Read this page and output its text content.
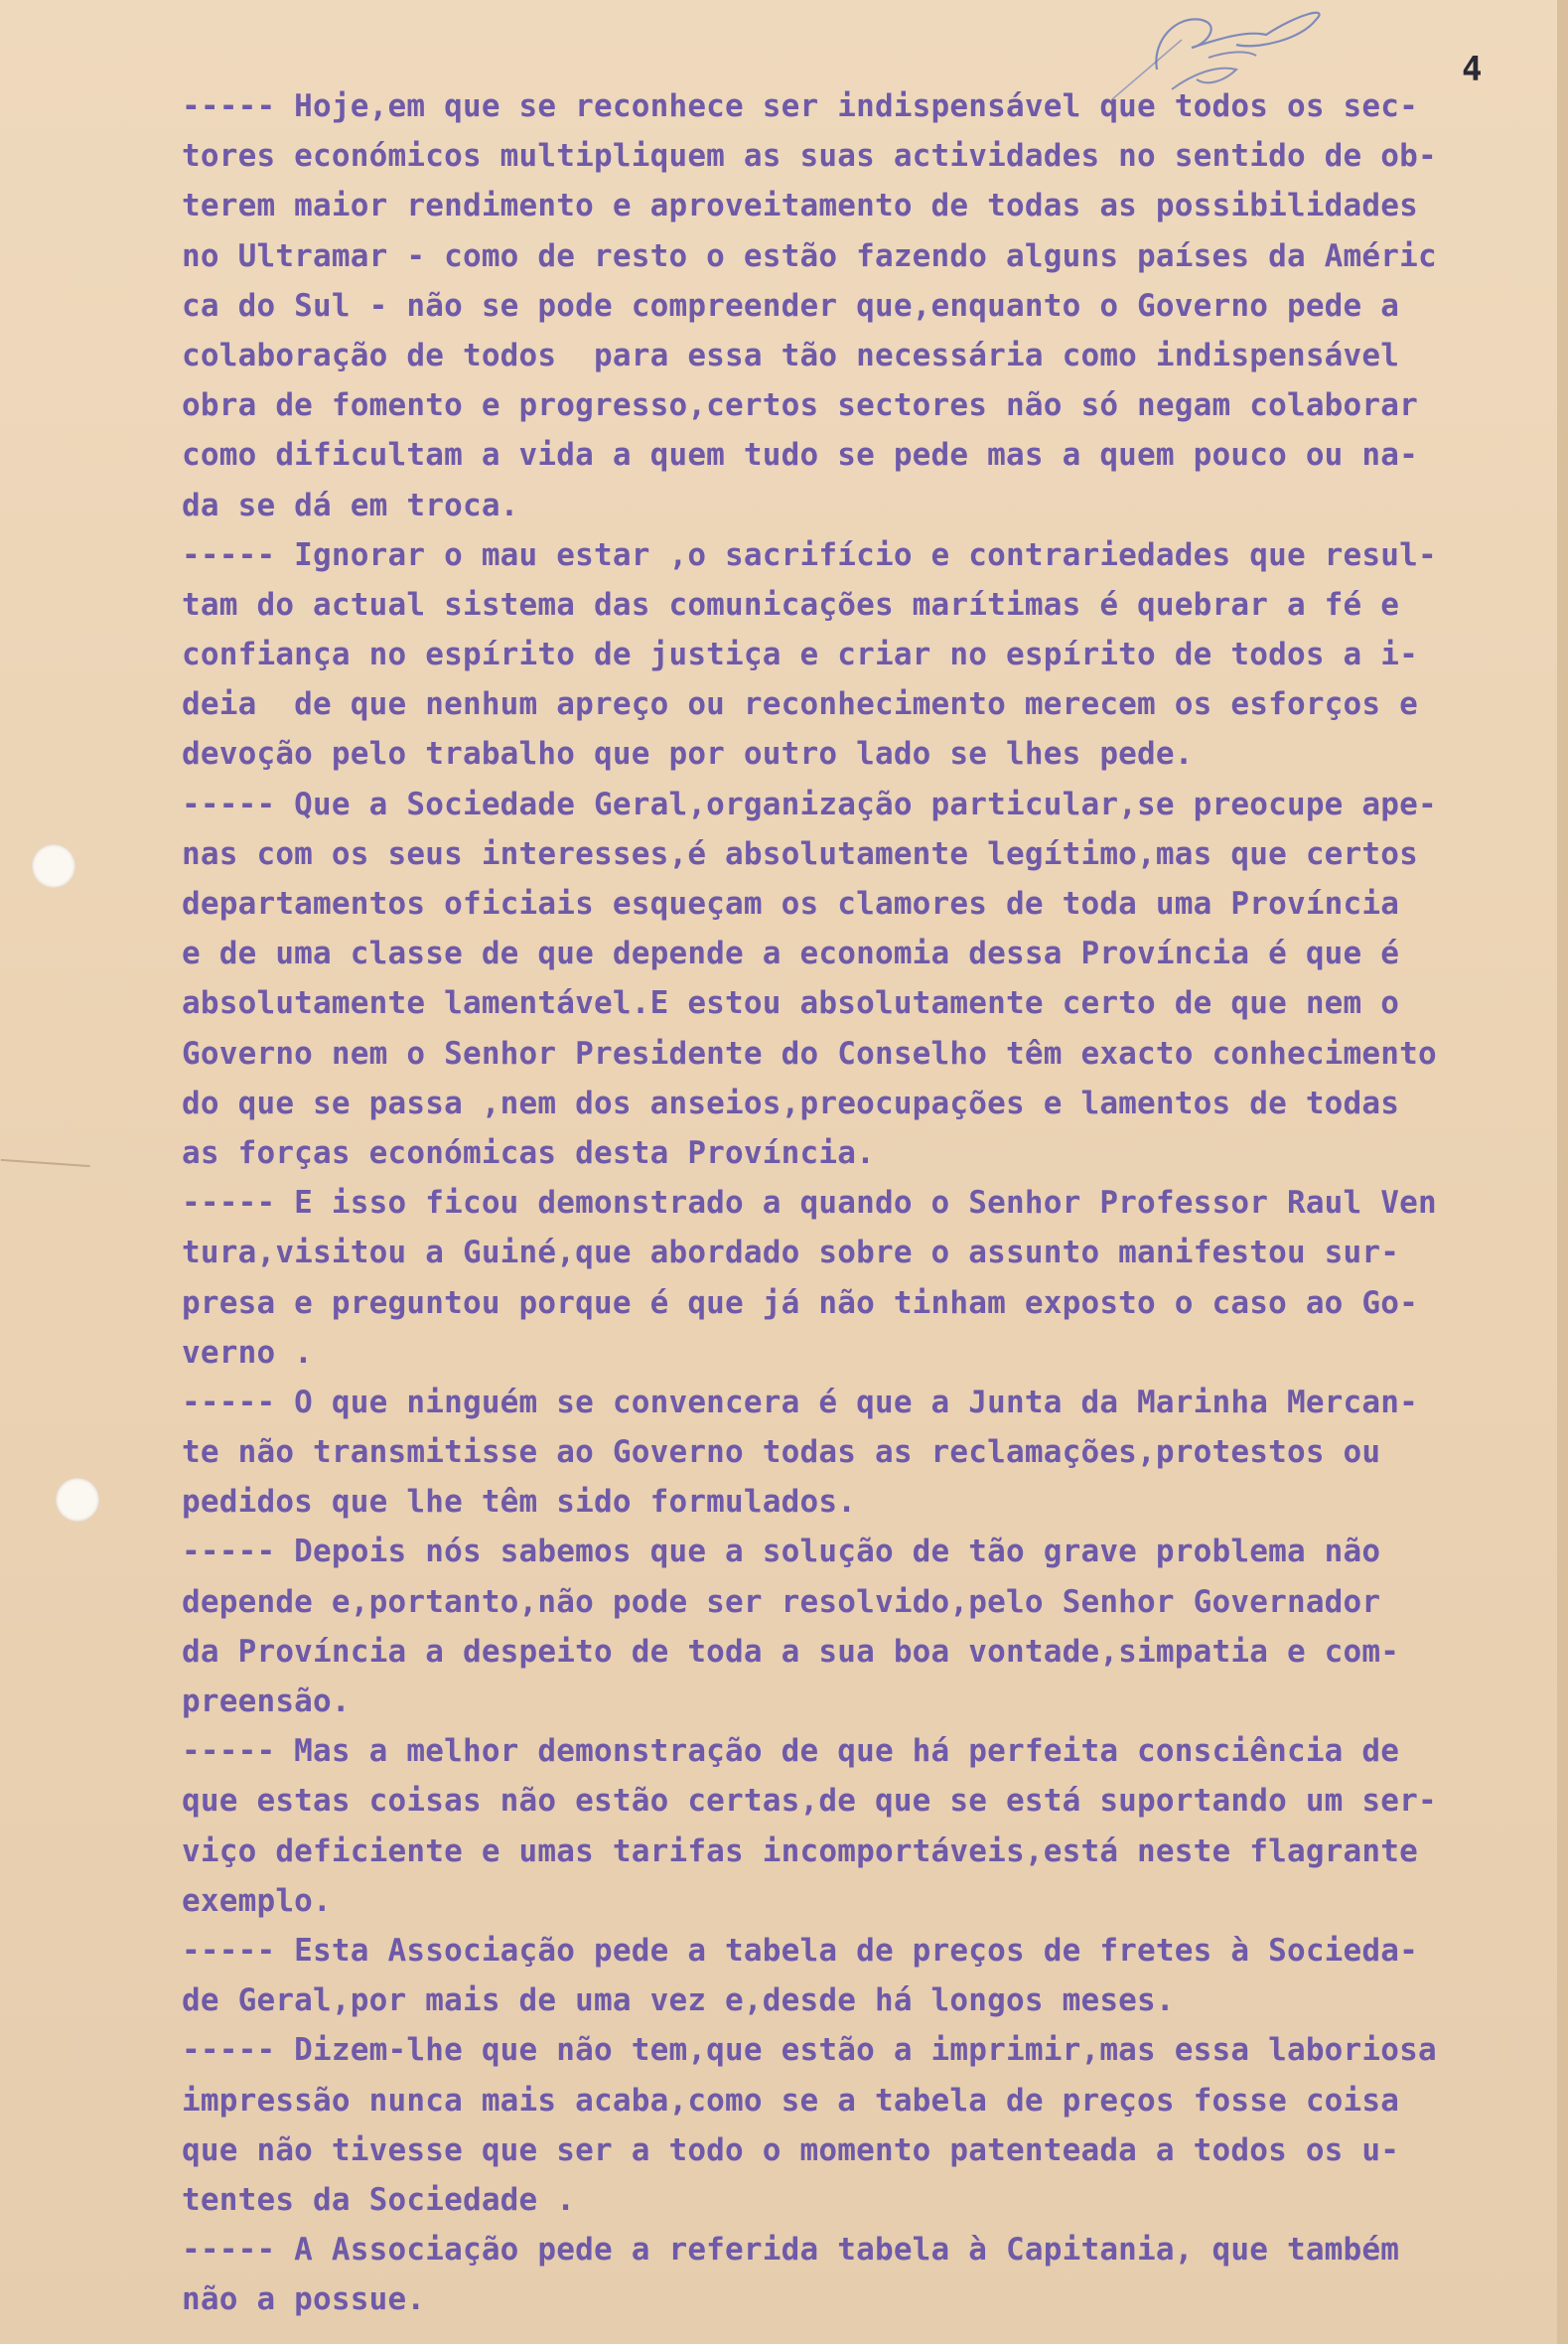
4
----- Hoje,em que se reconhece ser indispensável que todos os sec-
tores económicos multipliquem as suas actividades no sentido de ob-
terem maior rendimento e aproveitamento de todas as possibilidades
no Ultramar - como de resto o estão fazendo alguns países da Améric
ca do Sul - não se pode compreender que,enquanto o Governo pede a
colaboração de todos  para essa tão necessária como indispensável
obra de fomento e progresso,certos sectores não só negam colaborar
como dificultam a vida a quem tudo se pede mas a quem pouco ou na-
da se dá em troca.
----- Ignorar o mau estar ,o sacrifício e contrariedades que resul-
tam do actual sistema das comunicações marítimas é quebrar a fé e
confiança no espírito de justiça e criar no espírito de todos a i-
deia  de que nenhum apreço ou reconhecimento merecem os esforços e
devoção pelo trabalho que por outro lado se lhes pede.
----- Que a Sociedade Geral,organização particular,se preocupe ape-
nas com os seus interesses,é absolutamente legítimo,mas que certos
departamentos oficiais esqueçam os clamores de toda uma Província
e de uma classe de que depende a economia dessa Província é que é
absolutamente lamentável.E estou absolutamente certo de que nem o
Governo nem o Senhor Presidente do Conselho têm exacto conhecimento
do que se passa ,nem dos anseios,preocupações e lamentos de todas
as forças económicas desta Província.
----- E isso ficou demonstrado a quando o Senhor Professor Raul Ven
tura,visitou a Guiné,que abordado sobre o assunto manifestou sur-
presa e preguntou porque é que já não tinham exposto o caso ao Go-
verno .
----- O que ninguém se convencera é que a Junta da Marinha Mercan-
te não transmitisse ao Governo todas as reclamações,protestos ou
pedidos que lhe têm sido formulados.
----- Depois nós sabemos que a solução de tão grave problema não
depende e,portanto,não pode ser resolvido,pelo Senhor Governador
da Província a despeito de toda a sua boa vontade,simpatia e com-
preensão.
----- Mas a melhor demonstração de que há perfeita consciência de
que estas coisas não estão certas,de que se está suportando um ser-
viço deficiente e umas tarifas incomportáveis,está neste flagrante
exemplo.
----- Esta Associação pede a tabela de preços de fretes à Socieda-
de Geral,por mais de uma vez e,desde há longos meses.
----- Dizem-lhe que não tem,que estão a imprimir,mas essa laboriosa
impressão nunca mais acaba,como se a tabela de preços fosse coisa
que não tivesse que ser a todo o momento patenteada a todos os u-
tentes da Sociedade .
----- A Associação pede a referida tabela à Capitania, que também
não a possue.
